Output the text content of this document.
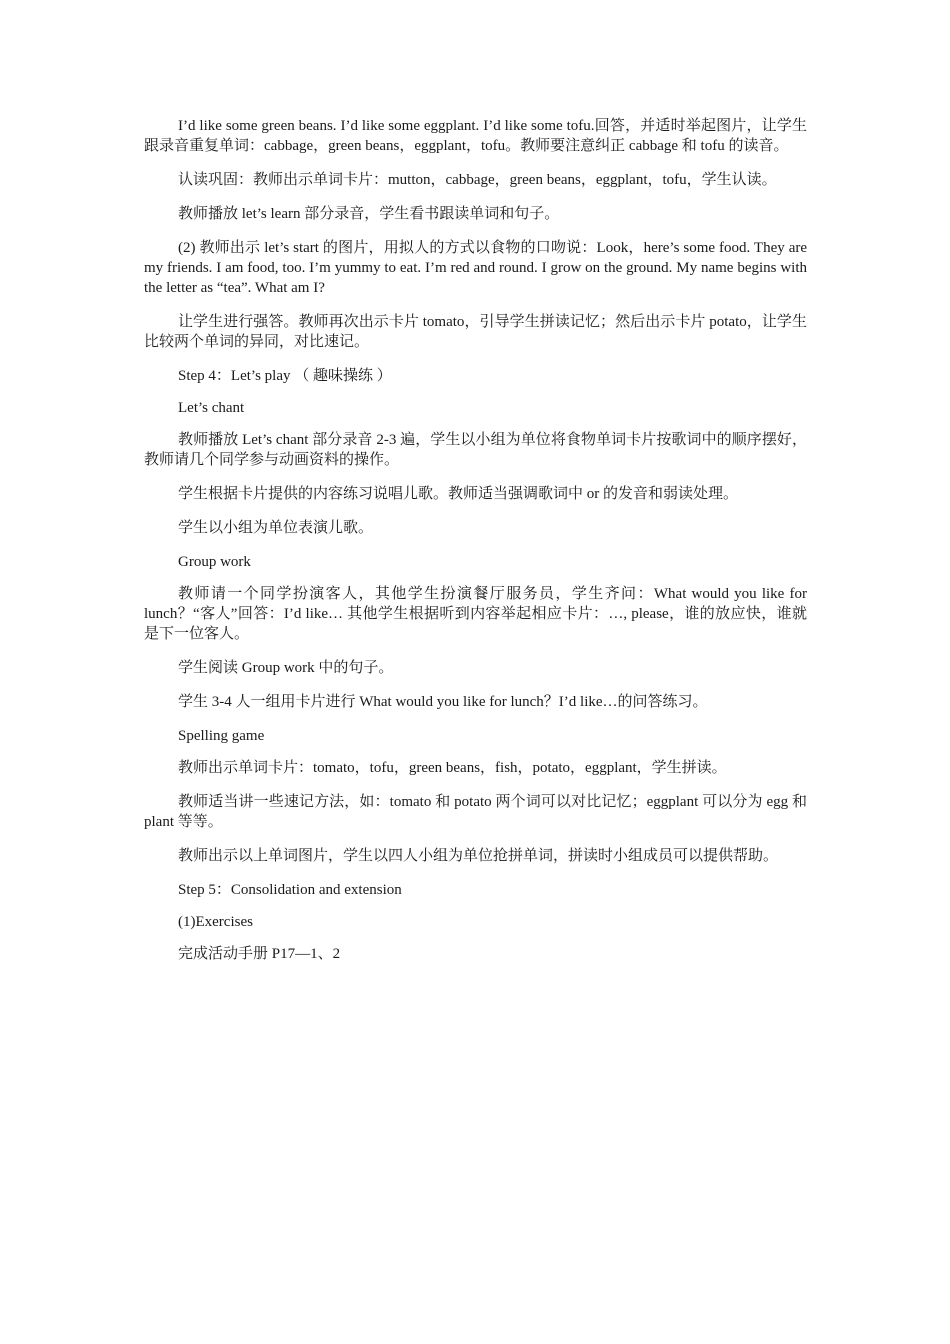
I’d like some green beans. I’d like some eggplant. I’d like some tofu.回答，并适时举起图片，让学生跟录音重复单词：cabbage，green beans，eggplant，tofu。教师要注意纠正 cabbage 和 tofu 的读音。

认读巩固：教师出示单词卡片：mutton，cabbage，green beans，eggplant，tofu，学生认读。

教师播放 let’s learn 部分录音，学生看书跟读单词和句子。

(2) 教师出示 let’s start 的图片，用拟人的方式以食物的口吻说：Look，here’s some food. They are my friends. I am food, too. I’m yummy to eat. I’m red and round. I grow on the ground. My name begins with the letter as “tea”. What am I?

让学生进行强答。教师再次出示卡片 tomato，引导学生拼读记忆；然后出示卡片 potato，让学生比较两个单词的异同，对比速记。

Step 4：Let’s play （ 趣味操练 ）

Let’s chant

教师播放 Let’s chant 部分录音 2-3 遍，学生以小组为单位将食物单词卡片按歌词中的顺序摆好，教师请几个同学参与动画资料的操作。

学生根据卡片提供的内容练习说唱儿歌。教师适当强调歌词中 or 的发音和弱读处理。

学生以小组为单位表演儿歌。

Group work

教师请一个同学扮演客人，其他学生扮演餐厅服务员，学生齐问：What would you like for lunch？“客人”回答：I’d like… 其他学生根据听到内容举起相应卡片：…, please，谁的放应快，谁就是下一位客人。

学生阅读 Group work 中的句子。

学生 3-4 人一组用卡片进行 What would you like for lunch？I’d like…的问答练习。

Spelling game

教师出示单词卡片：tomato，tofu，green beans，fish，potato，eggplant，学生拼读。

教师适当讲一些速记方法，如：tomato 和 potato 两个词可以对比记忆；eggplant 可以分为 egg 和 plant 等等。

教师出示以上单词图片，学生以四人小组为单位抢拼单词，拼读时小组成员可以提供帮助。

Step 5：Consolidation and extension

(1)Exercises

完成活动手册 P17—1、2
